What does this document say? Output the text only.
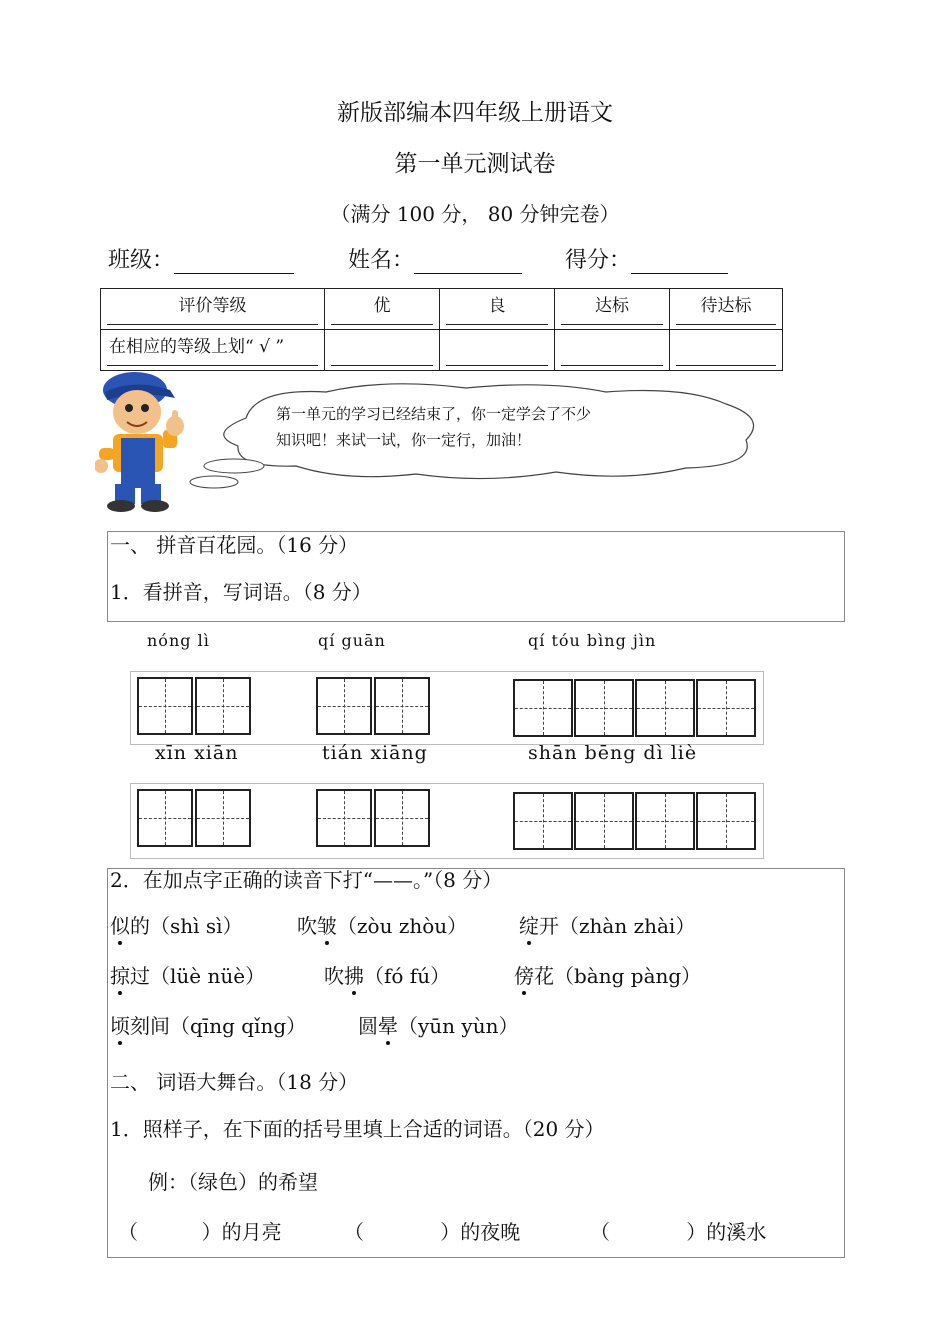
新版部编本四年级上册语文
第一单元测试卷
（满分 100 分， 80 分钟完卷）
班级：	姓名：	得分：
评价等级	优	良	达标	待达标

在相应的等级上划“ √ ”				

第一单元的学习已经结束了，你一定学会了不少
知识吧！来试一试，你一定行，加油！
一、 拼音百花园。（16 分）
1．看拼音，写词语。（8 分）
nóng lì	qí guān	qí tóu bìng jìn
xīn xiān	tián xiāng	shān bēng dì liè
2．在加点字正确的读音下打“——。”（8 分）
似的（shì sì）	吹皱（zòu zhòu）	绽开（zhàn zhài）
掠过（lüè nüè）	吹拂（fó fú）	傍花（bàng pàng）
顷刻间（qīng qǐng）	圆晕（yūn yùn）
二、 词语大舞台。（18 分）
1．照样子，在下面的括号里填上合适的词语。（20 分）
例：（绿色）的希望
（          ）的月亮	（            ）的夜晚	（            ）的溪水
